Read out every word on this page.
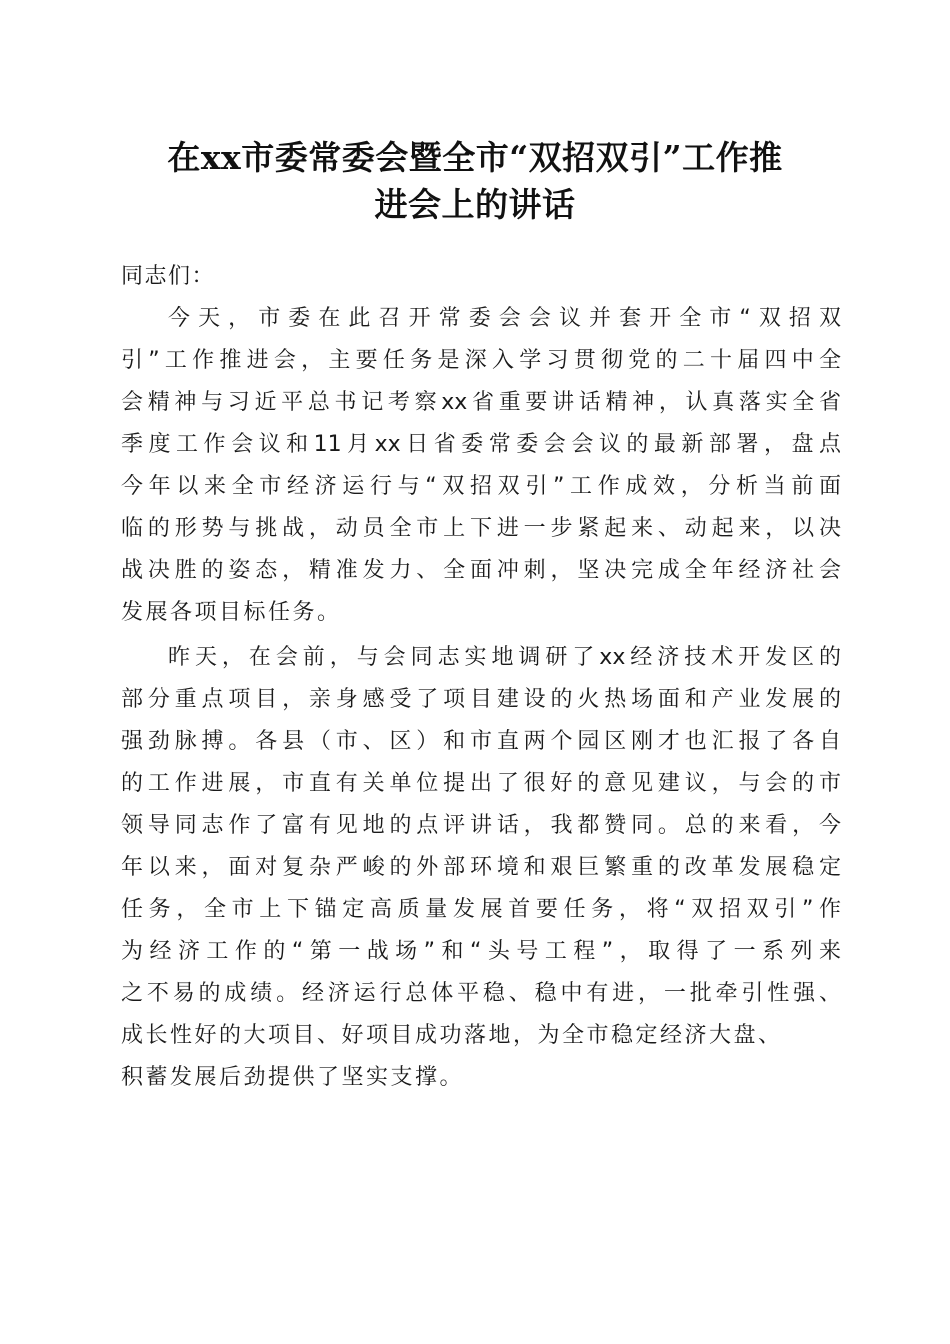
在xx市委常委会暨全市“双招双引”工作推
进会上的讲话
同志们：
今天，市委在此召开常委会会议并套开全市“双招双
引”工作推进会，主要任务是深入学习贯彻党的二十届四中全
会精神与习近平总书记考察xx省重要讲话精神，认真落实全省
季度工作会议和11月xx日省委常委会会议的最新部署，盘点
今年以来全市经济运行与“双招双引”工作成效，分析当前面
临的形势与挑战，动员全市上下进一步紧起来、动起来，以决
战决胜的姿态，精准发力、全面冲刺，坚决完成全年经济社会
发展各项目标任务。
昨天，在会前，与会同志实地调研了xx经济技术开发区的
部分重点项目，亲身感受了项目建设的火热场面和产业发展的
强劲脉搏。各县（市、区）和市直两个园区刚才也汇报了各自
的工作进展，市直有关单位提出了很好的意见建议，与会的市
领导同志作了富有见地的点评讲话，我都赞同。总的来看，今
年以来，面对复杂严峻的外部环境和艰巨繁重的改革发展稳定
任务，全市上下锚定高质量发展首要任务，将“双招双引”作
为经济工作的“第一战场”和“头号工程”，取得了一系列来
之不易的成绩。经济运行总体平稳、稳中有进，一批牵引性强、
成长性好的大项目、好项目成功落地，为全市稳定经济大盘、
积蓄发展后劲提供了坚实支撑。
